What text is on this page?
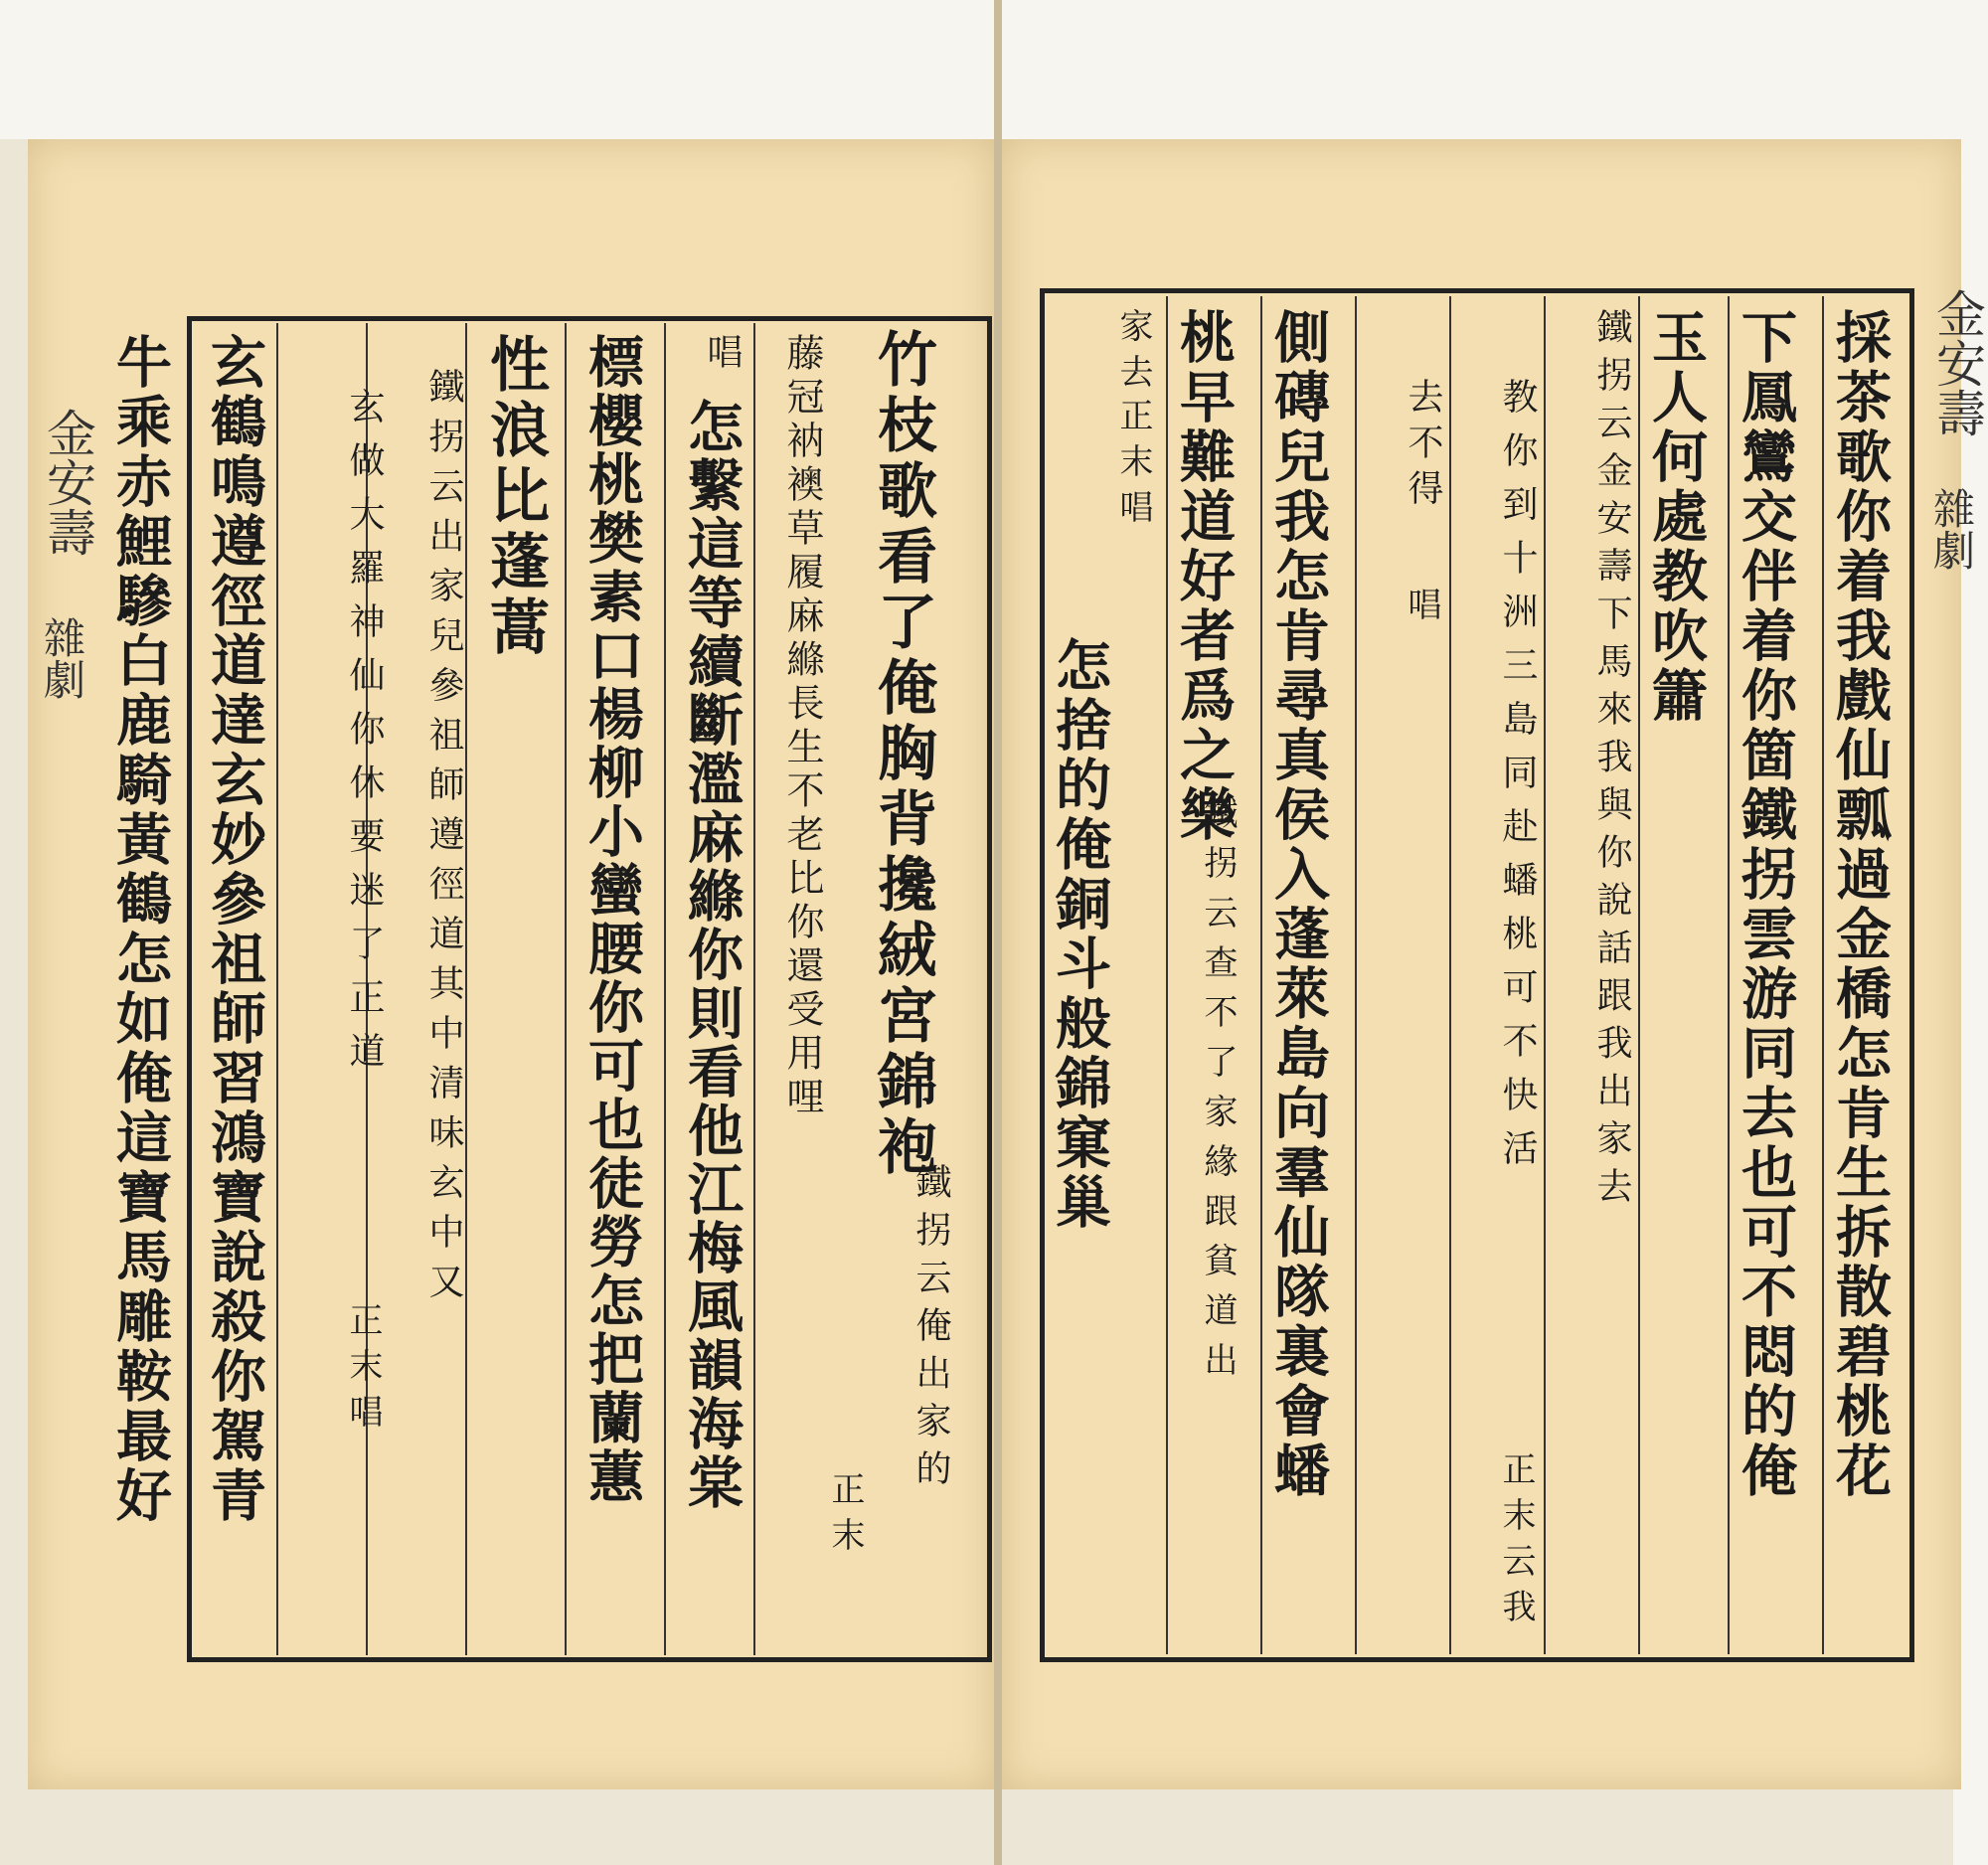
金安壽
雜劇	竹枝歌看了俺胸背攙絨宮錦袍
鐵拐云俺出家的
藤冠衲襖草履麻縧長生不老比你還受用哩
正末
唱
怎繫這等續斷濫麻縧你則看他江梅風韻海棠
標櫻桃樊素口楊柳小蠻腰你可也徒勞怎把蘭蕙
性浪比蓬蒿
鐵拐云出家兒參祖師遵徑道其中清味玄中又
玄做大羅神仙你休要迷了正道
正末唱
玄鶴鳴遵徑道達玄妙參祖師習鴻寶說殺你駕青
牛乘赤鯉驂白鹿騎黃鶴怎如俺這寶馬雕鞍最好	金安壽
雜劇
採茶歌你着我戲仙瓢過金橋怎肯生拆散碧桃花
下鳳鸞交伴着你箇鐵拐雲游同去也可不悶的俺
玉人何處教吹簫
鐵拐云金安壽下馬來我與你說話跟我出家去
教你到十洲三島同赴蟠桃可不快活
正末云我
去不得
唱
側磚兒我怎肯尋真侯入蓬萊島向羣仙隊裏會蟠
桃早難道好者爲之樂
鐵拐云查不了家緣跟貧道出
家去
正末唱
怎捨的俺銅斗般錦窠巢
